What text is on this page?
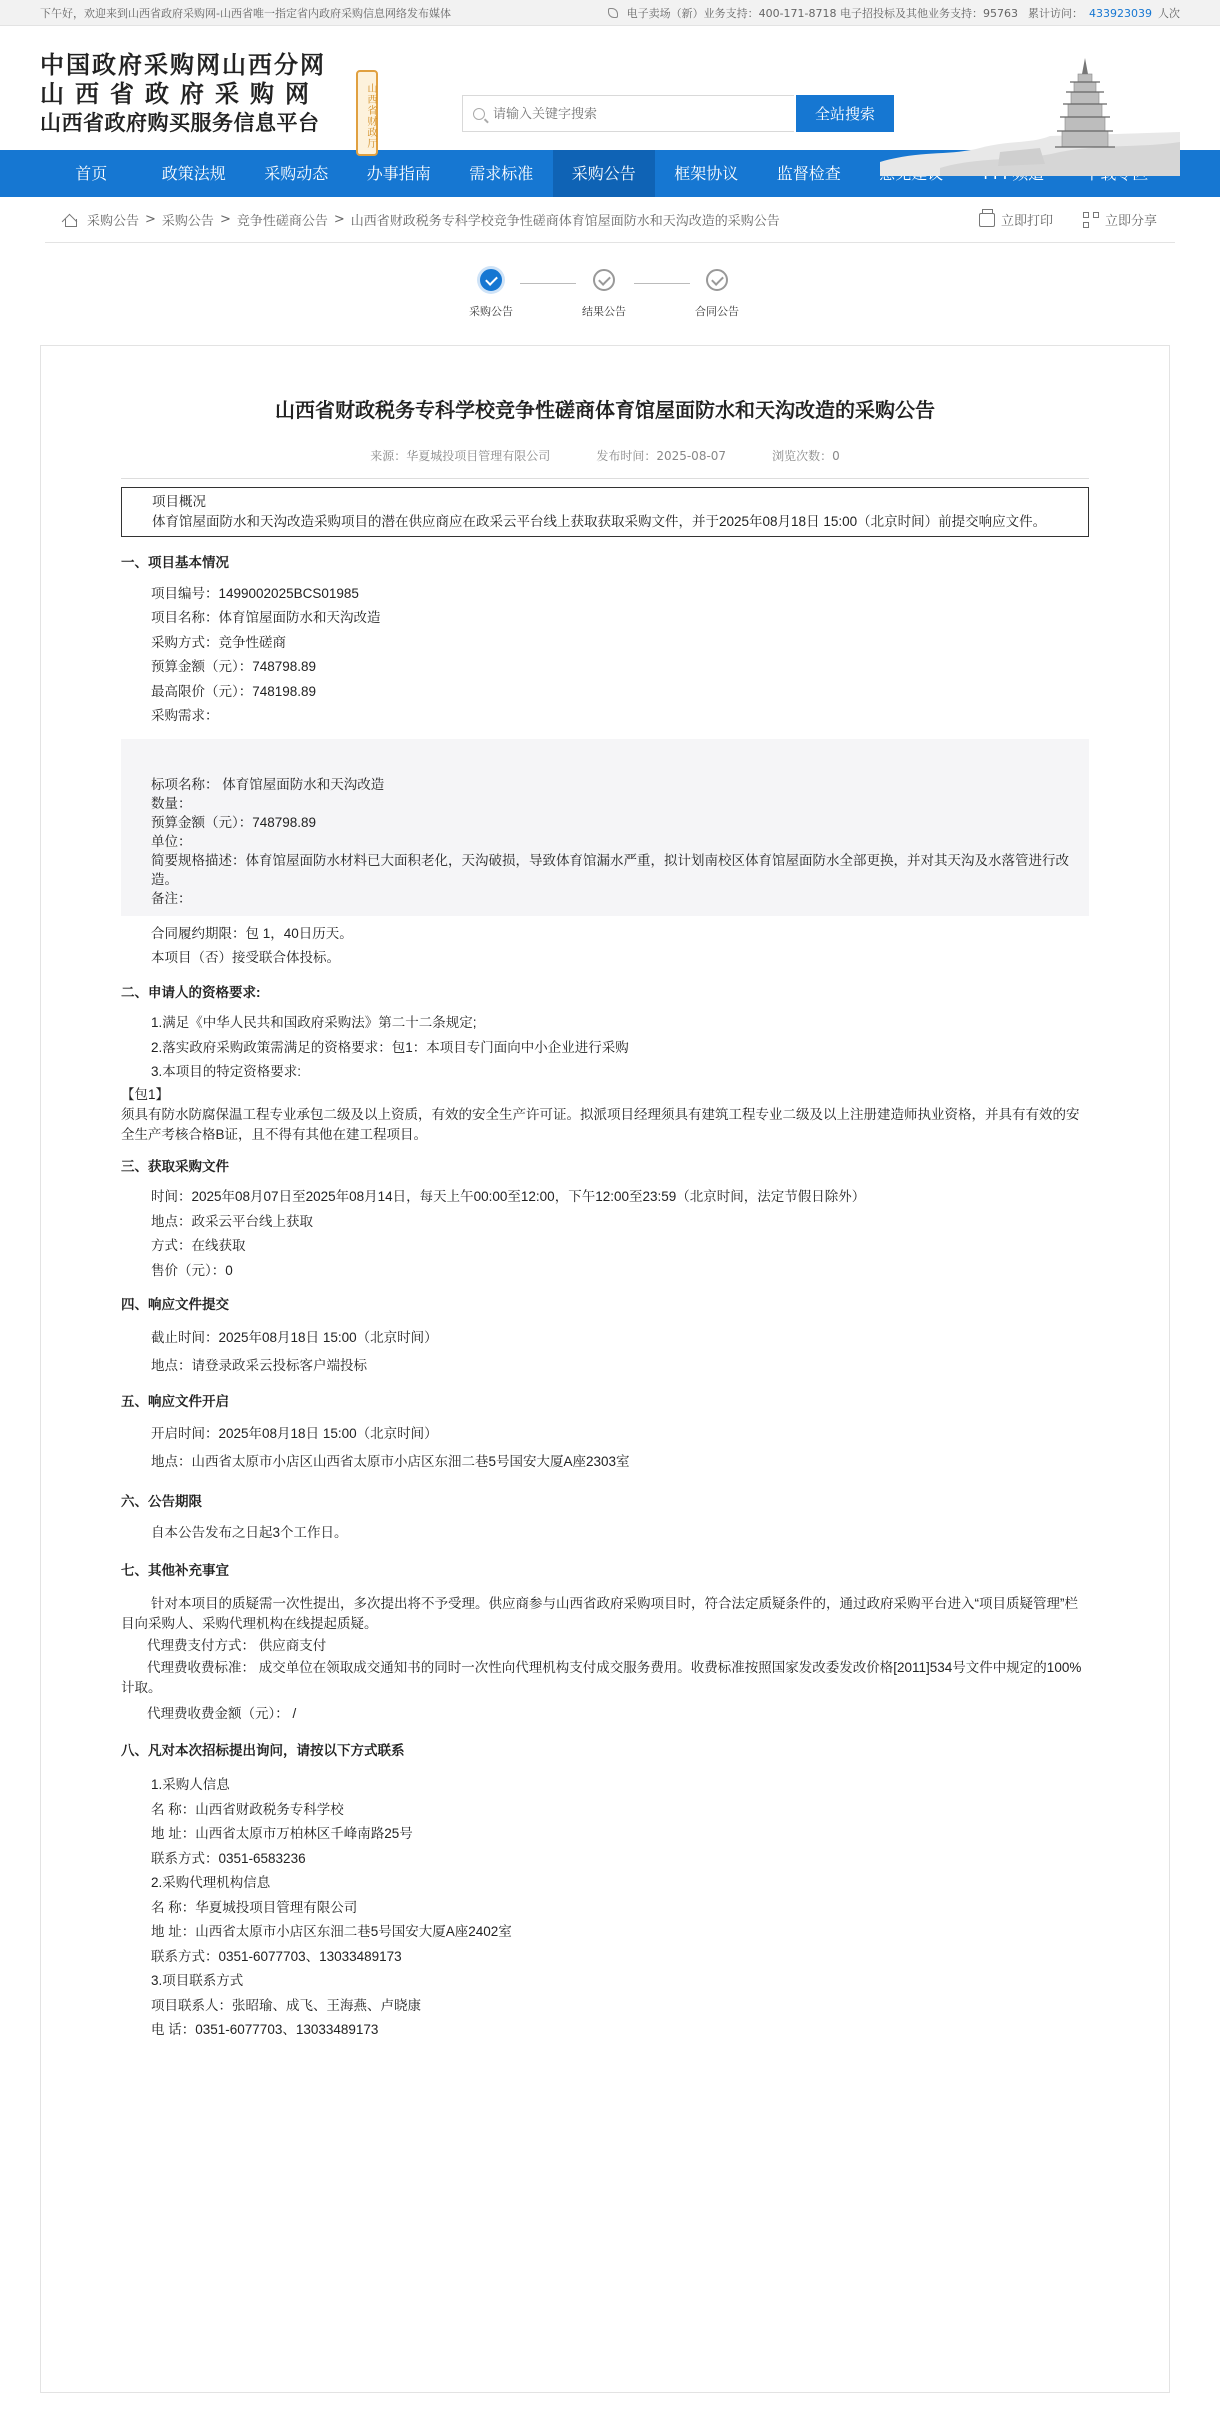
下午好，欢迎来到山西省政府采购网-山西省唯一指定省内政府采购信息网络发布媒体	电子卖场（新）业务支持：400-171-8718 电子招投标及其他业务支持：95763 累计访问： 433923039 人次
中国政府采购网山西分网
山西省政府采购网
山西省政府购买服务信息平台	山西省财政厅
请输入关键字搜索	全站搜索
首页	政策法规	采购动态	办事指南	需求标准	采购公告	框架协议	监督检查
采购公告 > 采购公告 > 竞争性磋商公告 > 山西省财政税务专科学校竞争性磋商体育馆屋面防水和天沟改造的采购公告	立即打印	立即分享
采购公告	结果公告	合同公告
山西省财政税务专科学校竞争性磋商体育馆屋面防水和天沟改造的采购公告
来源：华夏城投项目管理有限公司	发布时间：2025-08-07	浏览次数：0
项目概况
体育馆屋面防水和天沟改造采购项目的潜在供应商应在政采云平台线上获取获取采购文件，并于2025年08月18日 15:00（北京时间）前提交响应文件。
一、项目基本情况
项目编号：1499002025BCS01985
项目名称：体育馆屋面防水和天沟改造
采购方式：竞争性磋商
预算金额（元）：748798.89
最高限价（元）：748198.89
采购需求：
标项名称： 体育馆屋面防水和天沟改造
数量：
预算金额（元）：748798.89
单位：
简要规格描述：体育馆屋面防水材料已大面积老化，天沟破损，导致体育馆漏水严重，拟计划南校区体育馆屋面防水全部更换，并对其天沟及水落管进行改造。
备注：
合同履约期限：包 1，40日历天。
本项目（否）接受联合体投标。
二、申请人的资格要求:
1.满足《中华人民共和国政府采购法》第二十二条规定;
2.落实政府采购政策需满足的资格要求：包1：本项目专门面向中小企业进行采购
3.本项目的特定资格要求:
【包1】
须具有防水防腐保温工程专业承包二级及以上资质，有效的安全生产许可证。拟派项目经理须具有建筑工程专业二级及以上注册建造师执业资格，并具有有效的安全生产考核合格B证，且不得有其他在建工程项目。
三、获取采购文件
时间：2025年08月07日至2025年08月14日，每天上午00:00至12:00，下午12:00至23:59（北京时间，法定节假日除外）
地点：政采云平台线上获取
方式：在线获取
售价（元）：0
四、响应文件提交
截止时间：2025年08月18日 15:00（北京时间）
地点：请登录政采云投标客户端投标
五、响应文件开启
开启时间：2025年08月18日 15:00（北京时间）
地点：山西省太原市小店区山西省太原市小店区东沺二巷5号国安大厦A座2303室
六、公告期限
自本公告发布之日起3个工作日。
七、其他补充事宜
针对本项目的质疑需一次性提出，多次提出将不予受理。供应商参与山西省政府采购项目时，符合法定质疑条件的，通过政府采购平台进入“项目质疑管理”栏目向采购人、采购代理机构在线提起质疑。
代理费支付方式： 供应商支付
代理费收费标准： 成交单位在领取成交通知书的同时一次性向代理机构支付成交服务费用。收费标准按照国家发改委发改价格[2011]534号文件中规定的100%计取。
代理费收费金额（元）： /
八、凡对本次招标提出询问，请按以下方式联系
1.采购人信息
名 称：山西省财政税务专科学校
地 址：山西省太原市万柏林区千峰南路25号
联系方式：0351-6583236
2.采购代理机构信息
名 称：华夏城投项目管理有限公司
地 址：山西省太原市小店区东沺二巷5号国安大厦A座2402室
联系方式：0351-6077703、13033489173
3.项目联系方式
项目联系人：张昭瑜、成飞、王海燕、卢晓康
电 话：0351-6077703、13033489173
